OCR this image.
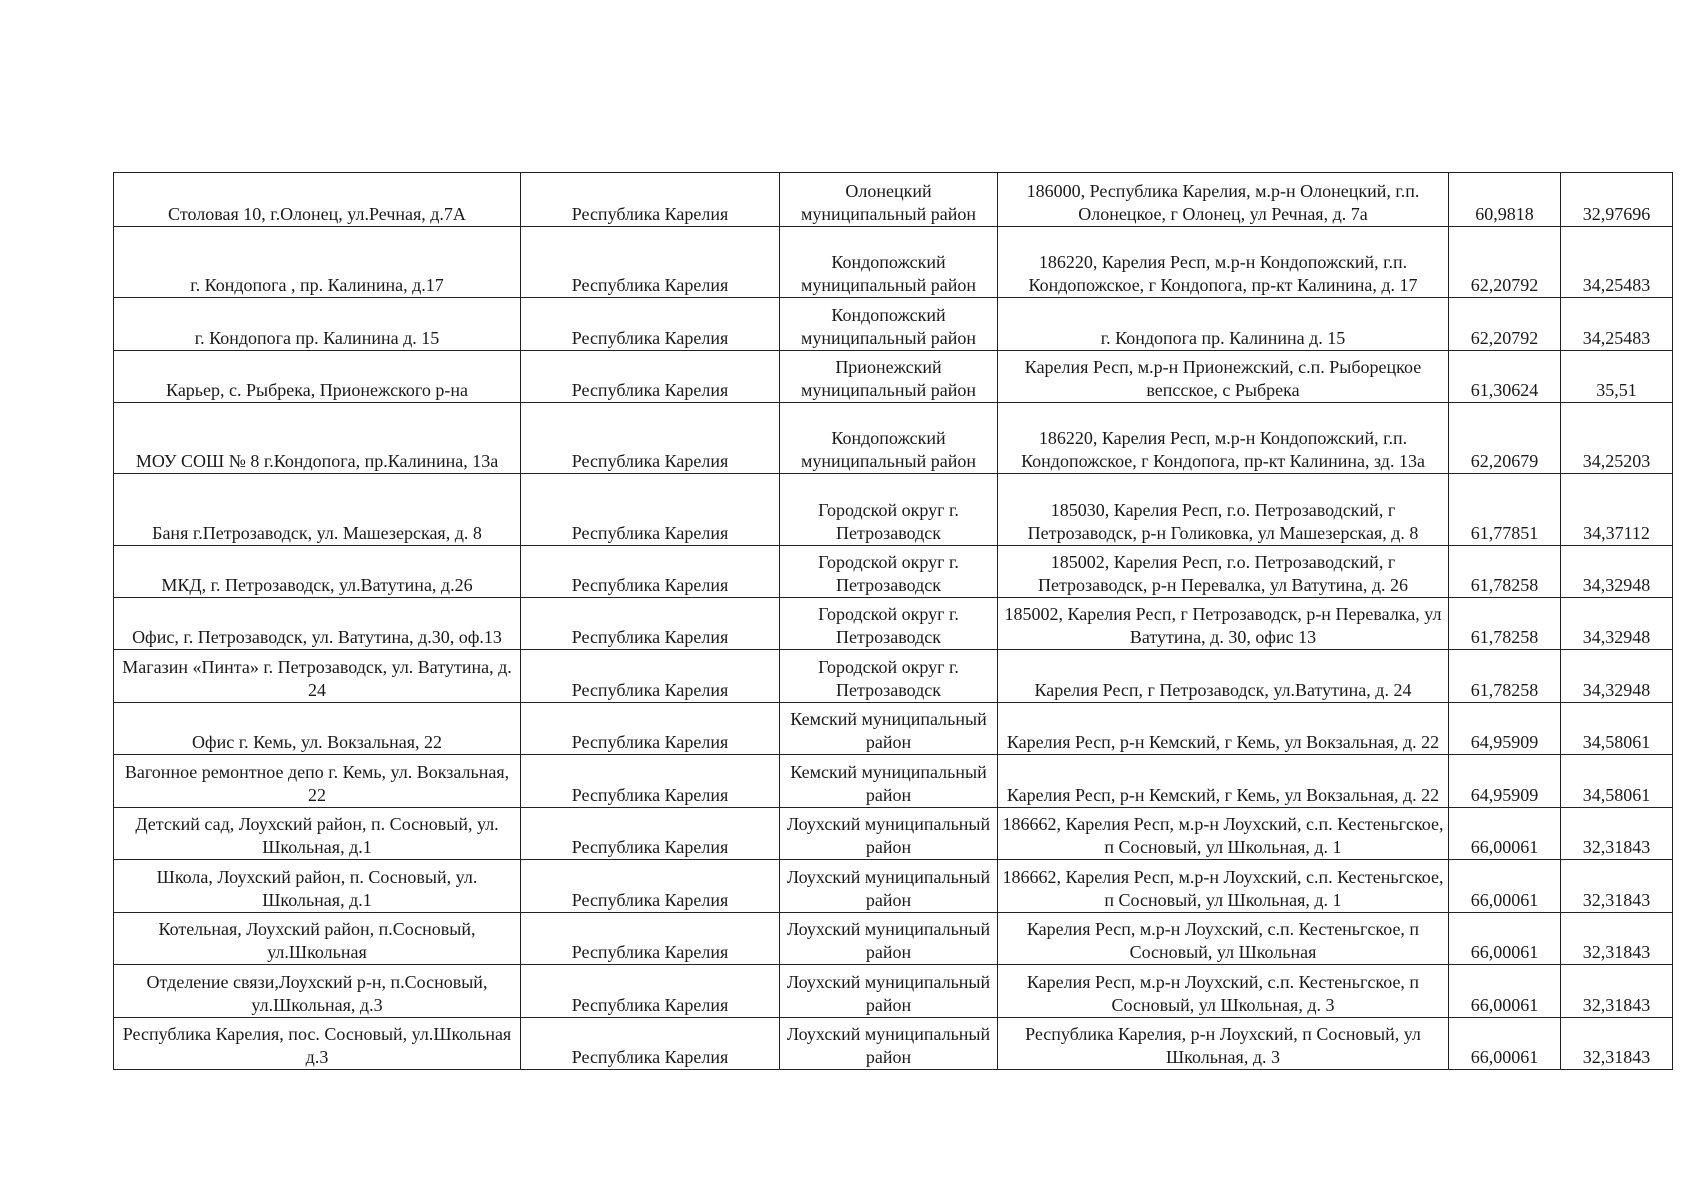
Столовая 10, г.Олонец, ул.Речная, д.7А	Республика Карелия	Олонецкий муниципальный район	186000, Республика Карелия, м.р-н Олонецкий, г.п. Олонецкое, г Олонец, ул Речная, д. 7а	60,9818	32,97696
г. Кондопога , пр. Калинина, д.17	Республика Карелия	Кондопожский муниципальный район	186220, Карелия Респ, м.р-н Кондопожский, г.п. Кондопожское, г Кондопога, пр-кт Калинина, д. 17	62,20792	34,25483
г. Кондопога пр. Калинина д. 15	Республика Карелия	Кондопожский муниципальный район	г. Кондопога пр. Калинина д. 15	62,20792	34,25483
Карьер, с. Рыбрека, Прионежского р-на	Республика Карелия	Прионежский муниципальный район	Карелия Респ, м.р-н Прионежский, с.п. Рыборецкое вепсское, с Рыбрека	61,30624	35,51
МОУ СОШ № 8 г.Кондопога, пр.Калинина, 13а	Республика Карелия	Кондопожский муниципальный район	186220, Карелия Респ, м.р-н Кондопожский, г.п. Кондопожское, г Кондопога, пр-кт Калинина, зд. 13а	62,20679	34,25203
Баня г.Петрозаводск, ул. Машезерская, д. 8	Республика Карелия	Городской округ г. Петрозаводск	185030, Карелия Респ, г.о. Петрозаводский, г Петрозаводск, р-н Голиковка, ул Машезерская, д. 8	61,77851	34,37112
МКД, г. Петрозаводск, ул.Ватутина, д.26	Республика Карелия	Городской округ г. Петрозаводск	185002, Карелия Респ, г.о. Петрозаводский, г Петрозаводск, р-н Перевалка, ул Ватутина, д. 26	61,78258	34,32948
Офис, г. Петрозаводск, ул. Ватутина, д.30, оф.13	Республика Карелия	Городской округ г. Петрозаводск	185002, Карелия Респ, г Петрозаводск, р-н Перевалка, ул Ватутина, д. 30, офис 13	61,78258	34,32948
Магазин «Пинта» г. Петрозаводск, ул. Ватутина, д. 24	Республика Карелия	Городской округ г. Петрозаводск	Карелия Респ, г Петрозаводск, ул.Ватутина, д. 24	61,78258	34,32948
Офис г. Кемь, ул. Вокзальная, 22	Республика Карелия	Кемский муниципальный район	Карелия Респ, р-н Кемский, г Кемь, ул Вокзальная, д. 22	64,95909	34,58061
Вагонное ремонтное депо г. Кемь, ул. Вокзальная, 22	Республика Карелия	Кемский муниципальный район	Карелия Респ, р-н Кемский, г Кемь, ул Вокзальная, д. 22	64,95909	34,58061
Детский сад, Лоухский район, п. Сосновый, ул. Школьная, д.1	Республика Карелия	Лоухский муниципальный район	186662, Карелия Респ, м.р-н Лоухский, с.п. Кестеньгское, п Сосновый, ул Школьная, д. 1	66,00061	32,31843
Школа, Лоухский район, п. Сосновый, ул. Школьная, д.1	Республика Карелия	Лоухский муниципальный район	186662, Карелия Респ, м.р-н Лоухский, с.п. Кестеньгское, п Сосновый, ул Школьная, д. 1	66,00061	32,31843
Котельная, Лоухский район, п.Сосновый, ул.Школьная	Республика Карелия	Лоухский муниципальный район	Карелия Респ, м.р-н Лоухский, с.п. Кестеньгское, п Сосновый, ул Школьная	66,00061	32,31843
Отделение связи,Лоухский р-н, п.Сосновый, ул.Школьная, д.3	Республика Карелия	Лоухский муниципальный район	Карелия Респ, м.р-н Лоухский, с.п. Кестеньгское, п Сосновый, ул Школьная, д. 3	66,00061	32,31843
Республика Карелия, пос. Сосновый, ул.Школьная д.3	Республика Карелия	Лоухский муниципальный район	Республика Карелия, р-н Лоухский, п Сосновый, ул Школьная, д. 3	66,00061	32,31843
